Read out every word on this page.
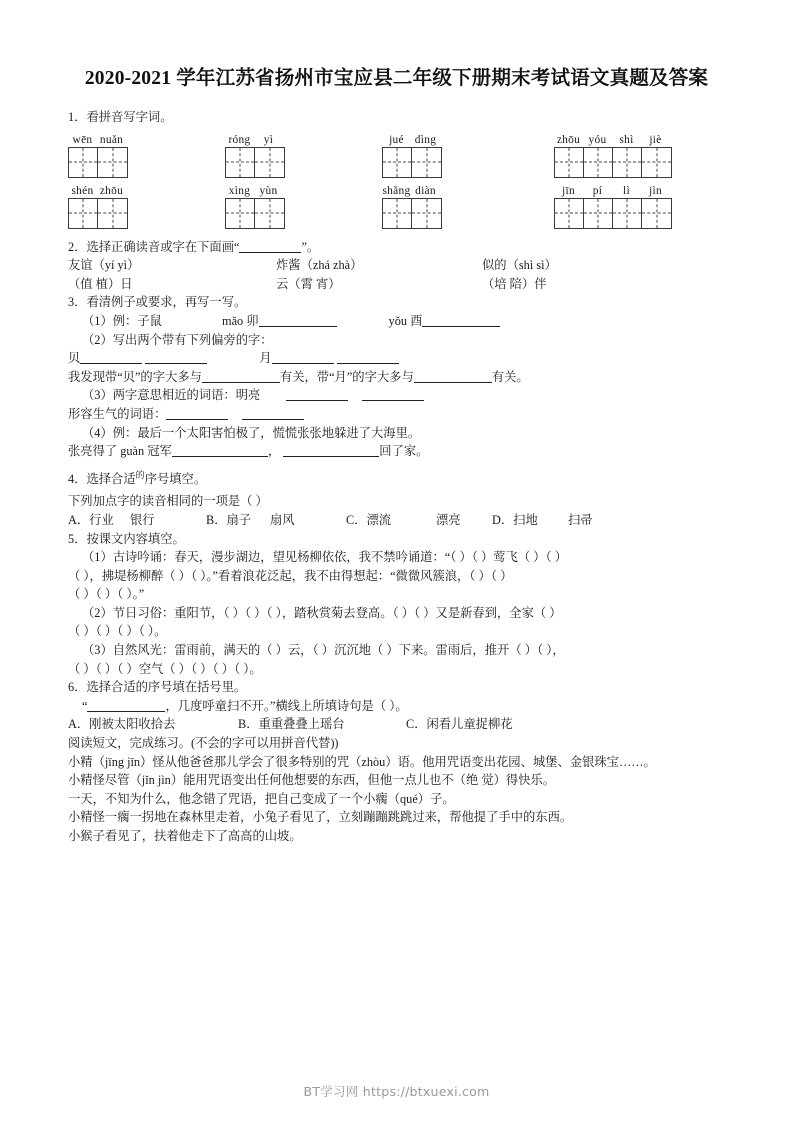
2020-2021 学年江苏省扬州市宝应县二年级下册期末考试语文真题及答案
1．看拼音写字词。
wēn nuǎn	róng	yì	jué dìng	zhōu yóu	shì	jiè
shén zhōu	xìng yùn	shǎng diàn	jīn	pí	lì	jìn
2．选择正确读音或字在下面画“	”。
友谊（yí yì）	炸酱（zhá zhà）	似的（shì sì）
（值 植）日	云（霄 宵）	（培 陪）伴
3．看清例子或要求，再写一写。
（1）例：子鼠	mǎo 卯	yǒu 酉
（2）写出两个带有下列偏旁的字：
贝	月
我发现带“贝”的字大多与	有关，带“月”的字大多与	有关。
（3）两字意思相近的词语：明亮
形容生气的词语：
（4）例：最后一个太阳害怕极了，慌慌张张地躲进了大海里。
张亮得了 guàn 冠军	，	回了家。
4．选择合适$^的$序号填空。
下列加点字的读音相同的一项是（ ）
A．行业 银行	B．扇子 扇风	C．漂流	漂亮	D．扫地 扫帚
5．按课文内容填空。
（1）古诗吟诵：春天，漫步湖边，望见杨柳依依，我不禁吟诵道：“（ ）（ ）莺飞（ ）（ ）
（ ），拂堤杨柳醉（ ）（ ）。”看着浪花泛起，我不由得想起：“微微风簇浪，（ ）（ ）
（ ）（ ）（ ）。”
（2）节日习俗：重阳节，（ ）（ ）（ ），踏秋赏菊去登高。（ ）（ ）又是新春到，全家（ ）
（ ）（ ）（ ）（ ）。
（3）自然风光：雷雨前，满天的（ ）云，（ ）沉沉地（ ）下来。雷雨后，推开（ ）（ ），
（ ）（ ）（ ）空气（ ）（ ）（ ）（ ）。
6．选择合适的序号填在括号里。
“	，几度呼童扫不开。”横线上所填诗句是（ ）。
A．刚被太阳收拾去	B．重重叠叠上瑶台	C．闲看儿童捉柳花
阅读短文，完成练习。(不会的字可以用拼音代替))
小精（jīng jīn）怪从他爸爸那儿学会了很多特别的咒（zhòu）语。他用咒语变出花园、城堡、金银珠宝……。
小精怪尽管（jǐn jìn）能用咒语变出任何他想要的东西，但他一点儿也不（绝 觉）得快乐。
一天，不知为什么，他念错了咒语，把自己变成了一个小瘸（qué）子。
小精怪一瘸一拐地在森林里走着，小兔子看见了，立刻蹦蹦跳跳过来，帮他提了手中的东西。
小猴子看见了，扶着他走下了高高的山坡。
BT学习网 https://btxuexi.com
